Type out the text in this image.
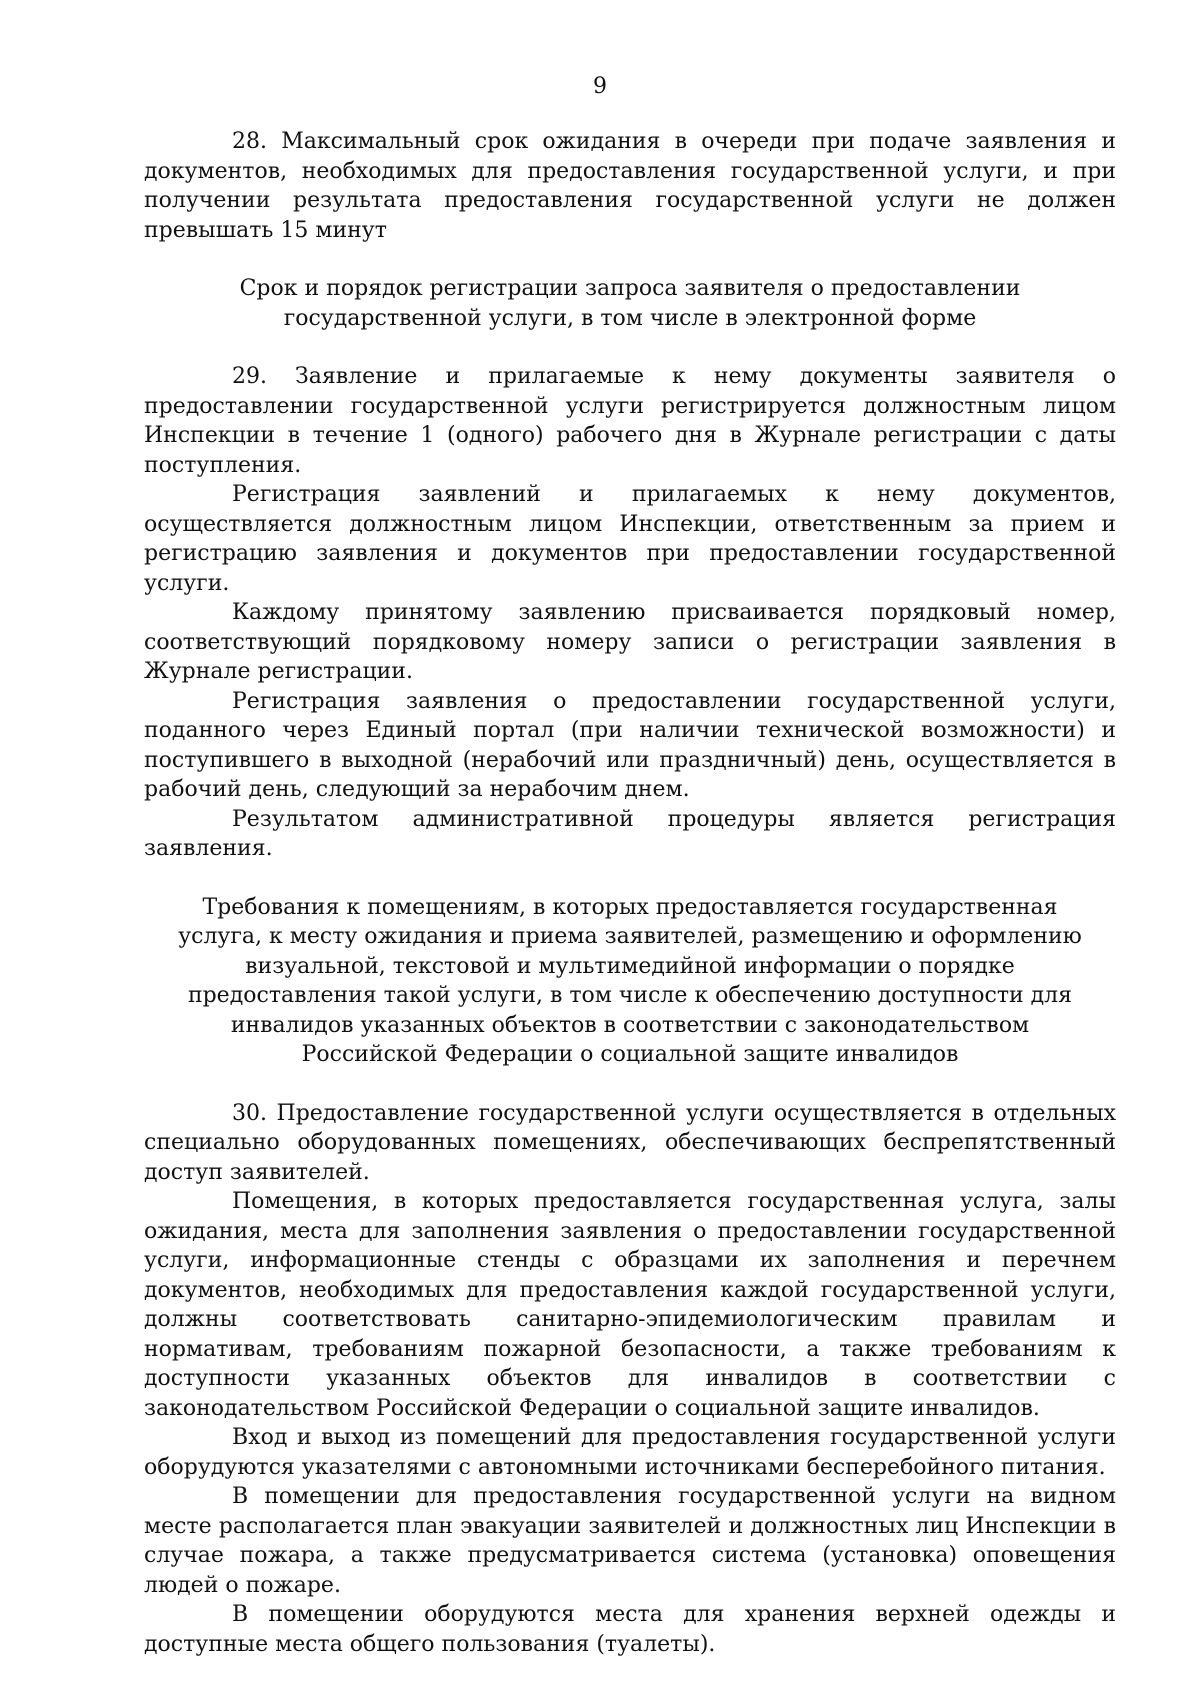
9

28. Максимальный срок ожидания в очереди при подаче заявления и документов, необходимых для предоставления государственной услуги, и при получении результата предоставления государственной услуги не должен превышать 15 минут

Срок и порядок регистрации запроса заявителя о предоставлении государственной услуги, в том числе в электронной форме

29. Заявление и прилагаемые к нему документы заявителя о предоставлении государственной услуги регистрируется должностным лицом Инспекции в течение 1 (одного) рабочего дня в Журнале регистрации с даты поступления.

Регистрация заявлений и прилагаемых к нему документов, осуществляется должностным лицом Инспекции, ответственным за прием и регистрацию заявления и документов при предоставлении государственной услуги.

Каждому принятому заявлению присваивается порядковый номер, соответствующий порядковому номеру записи о регистрации заявления в Журнале регистрации.

Регистрация заявления о предоставлении государственной услуги, поданного через Единый портал (при наличии технической возможности) и поступившего в выходной (нерабочий или праздничный) день, осуществляется в рабочий день, следующий за нерабочим днем.

Результатом административной процедуры является регистрация заявления.

Требования к помещениям, в которых предоставляется государственная услуга, к месту ожидания и приема заявителей, размещению и оформлению визуальной, текстовой и мультимедийной информации о порядке предоставления такой услуги, в том числе к обеспечению доступности для инвалидов указанных объектов в соответствии с законодательством Российской Федерации о социальной защите инвалидов

30. Предоставление государственной услуги осуществляется в отдельных специально оборудованных помещениях, обеспечивающих беспрепятственный доступ заявителей.

Помещения, в которых предоставляется государственная услуга, залы ожидания, места для заполнения заявления о предоставлении государственной услуги, информационные стенды с образцами их заполнения и перечнем документов, необходимых для предоставления каждой государственной услуги, должны соответствовать санитарно-эпидемиологическим правилам и нормативам, требованиям пожарной безопасности, а также требованиям к доступности указанных объектов для инвалидов в соответствии с законодательством Российской Федерации о социальной защите инвалидов.

Вход и выход из помещений для предоставления государственной услуги оборудуются указателями с автономными источниками бесперебойного питания.

В помещении для предоставления государственной услуги на видном месте располагается план эвакуации заявителей и должностных лиц Инспекции в случае пожара, а также предусматривается система (установка) оповещения людей о пожаре.

В помещении оборудуются места для хранения верхней одежды и доступные места общего пользования (туалеты).
